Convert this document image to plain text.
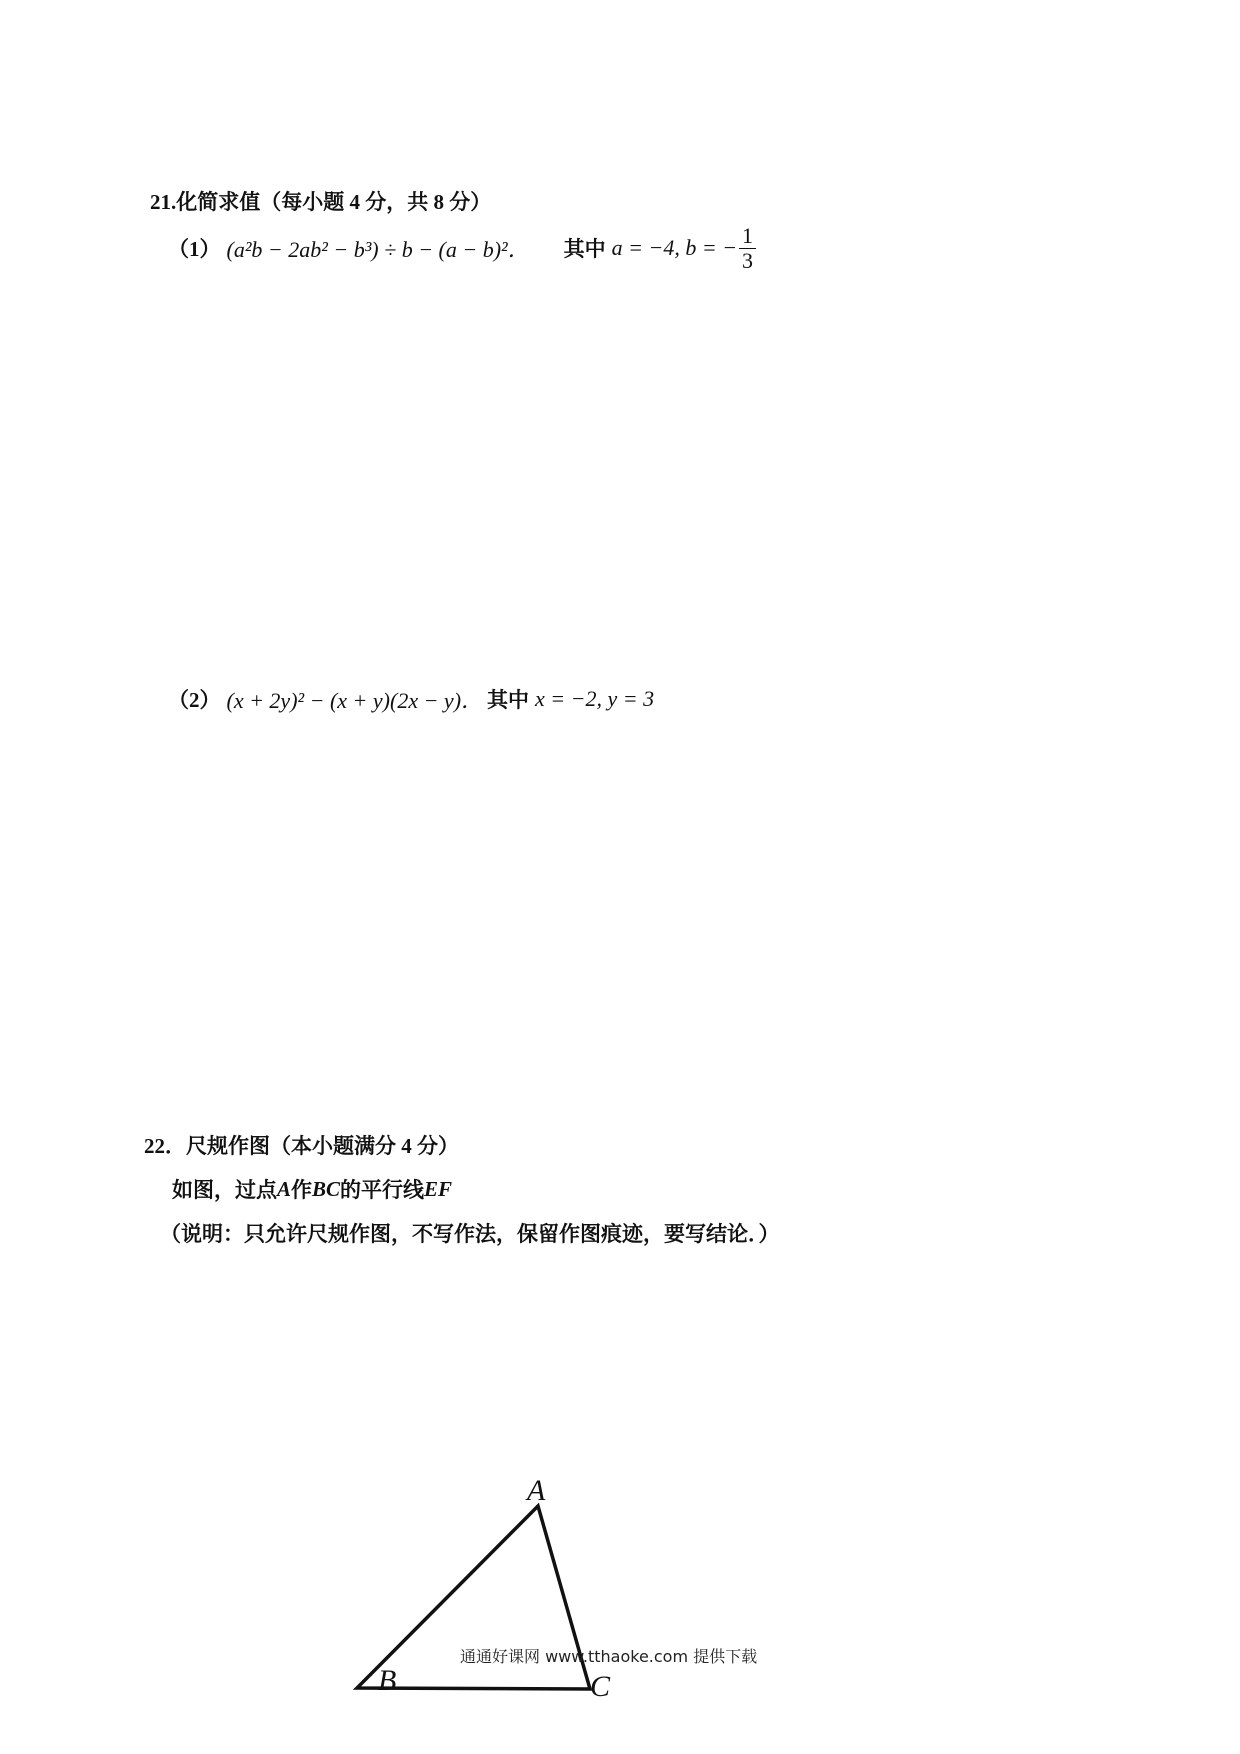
21.化简求值（每小题 4 分，共 8 分）
（1） (a²b − 2ab² − b³) ÷ b − (a − b)²． 其中 a = −4, b = − $\frac{1}{3}$
（2） (x + 2y)² − (x + y)(2x − y)． 其中 x = −2, y = 3
22．尺规作图（本小题满分 4 分）
如图，过点 A 作 BC 的平行线 EF
（说明：只允许尺规作图，不写作法，保留作图痕迹，要写结论．）
A
B	C
通通好课网 www.tthaoke.com 提供下载
